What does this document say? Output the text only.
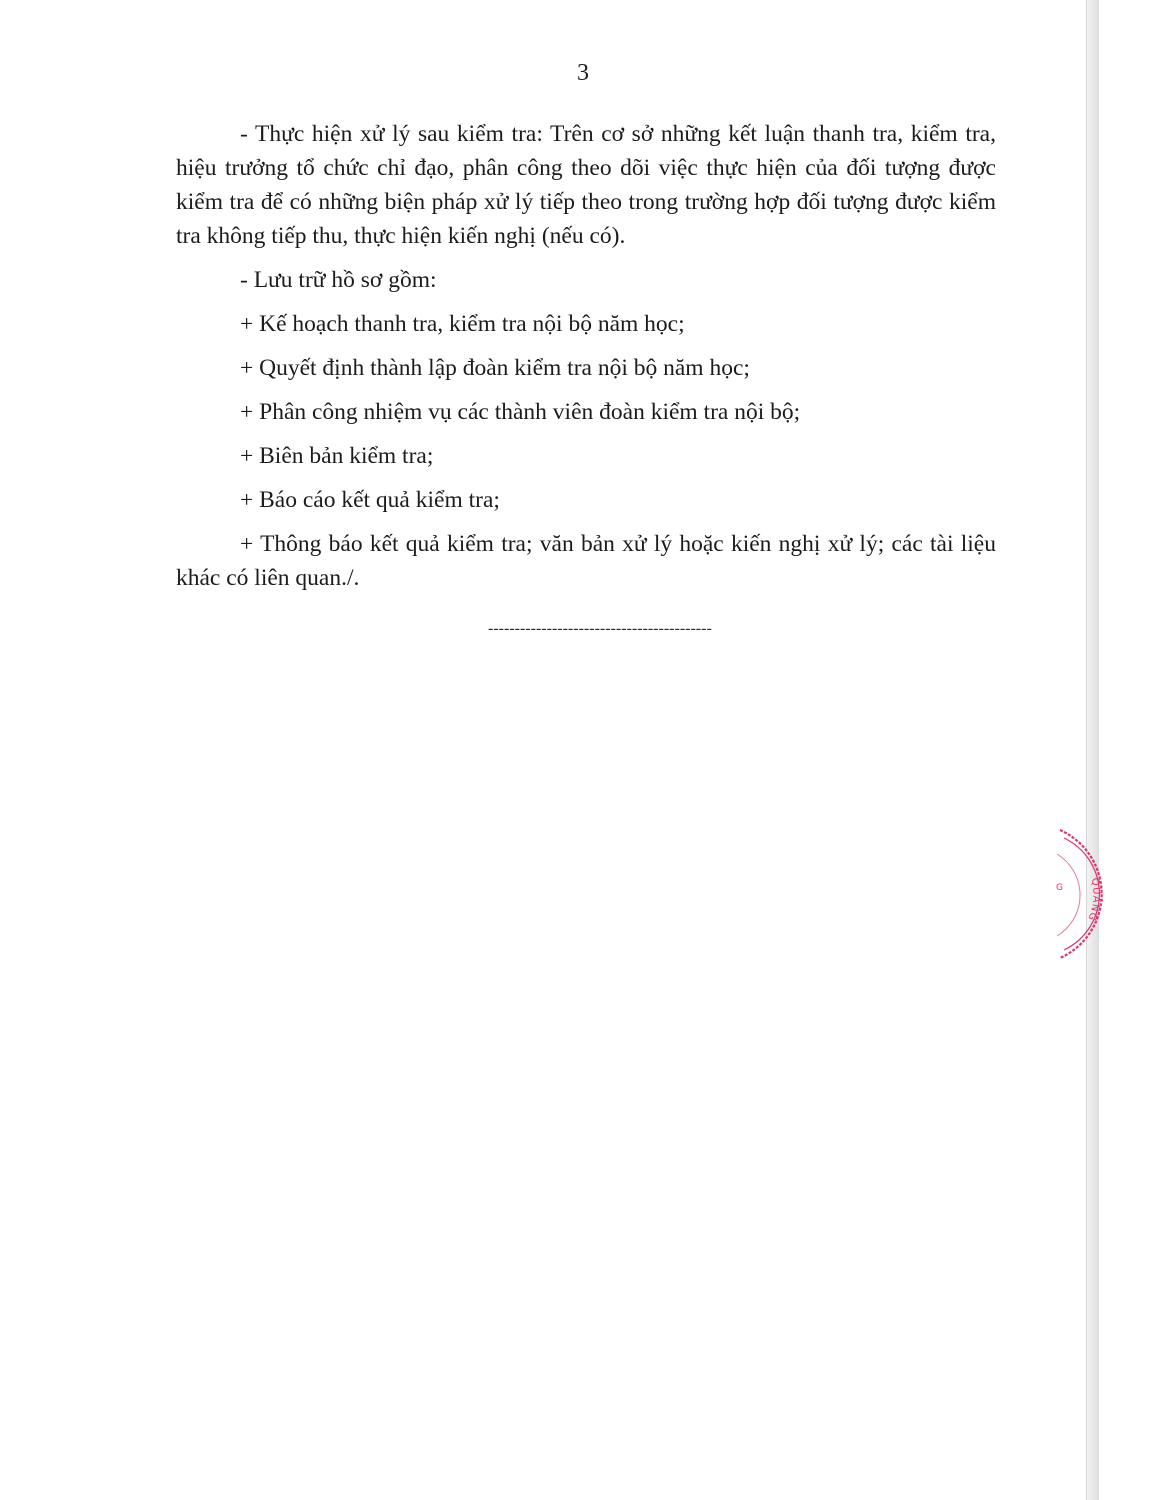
3

- Thực hiện xử lý sau kiểm tra: Trên cơ sở những kết luận thanh tra, kiểm tra, hiệu trưởng tổ chức chỉ đạo, phân công theo dõi việc thực hiện của đối tượng được kiểm tra để có những biện pháp xử lý tiếp theo trong trường hợp đối tượng được kiểm tra không tiếp thu, thực hiện kiến nghị (nếu có).

- Lưu trữ hồ sơ gồm:

+ Kế hoạch thanh tra, kiểm tra nội bộ năm học;

+ Quyết định thành lập đoàn kiểm tra nội bộ năm học;

+ Phân công nhiệm vụ các thành viên đoàn kiểm tra nội bộ;

+ Biên bản kiểm tra;

+ Báo cáo kết quả kiểm tra;

+ Thông báo kết quả kiểm tra; văn bản xử lý hoặc kiến nghị xử lý; các tài liệu khác có liên quan./.

------------------------------------------
QUẢNG
G
